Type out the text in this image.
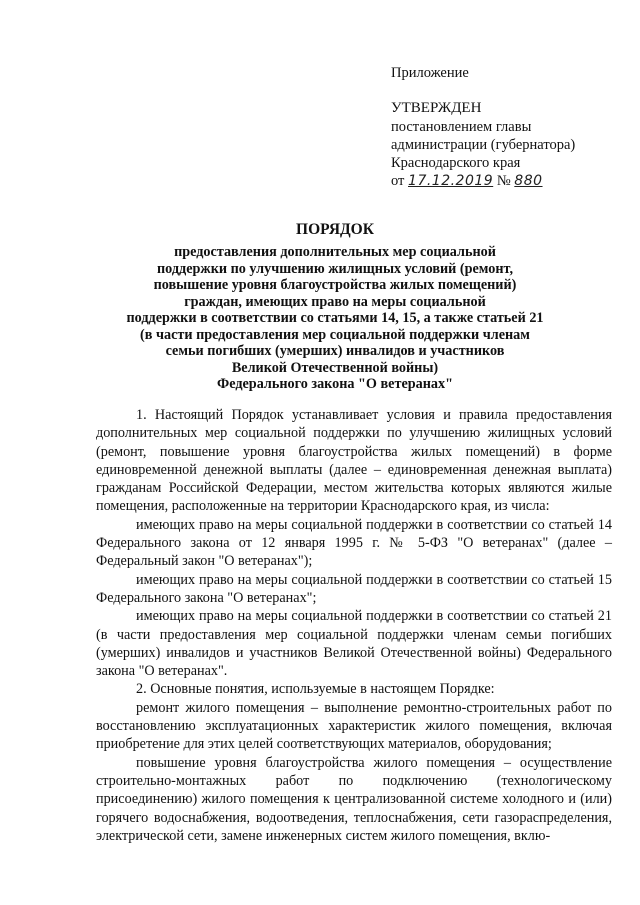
Приложение
УТВЕРЖДЕН
постановлением главы
администрации (губернатора)
Краснодарского края
от 17.12.2019 № 880
ПОРЯДОК
предоставления дополнительных мер социальной
поддержки по улучшению жилищных условий (ремонт,
повышение уровня благоустройства жилых помещений)
граждан, имеющих право на меры социальной
поддержки в соответствии со статьями 14, 15, а также статьей 21
(в части предоставления мер социальной поддержки членам
семьи погибших (умерших) инвалидов и участников
Великой Отечественной войны)
Федерального закона "О ветеранах"

1. Настоящий Порядок устанавливает условия и правила предоставления дополнительных мер социальной поддержки по улучшению жилищных условий (ремонт, повышение уровня благоустройства жилых помещений) в форме единовременной денежной выплаты (далее – единовременная денежная выплата) гражданам Российской Федерации, местом жительства которых являются жилые помещения, расположенные на территории Краснодарского края, из числа:

имеющих право на меры социальной поддержки в соответствии со статьей 14 Федерального закона от 12 января 1995 г. № 5-ФЗ "О ветеранах" (далее – Федеральный закон "О ветеранах");

имеющих право на меры социальной поддержки в соответствии со статьей 15 Федерального закона "О ветеранах";

имеющих право на меры социальной поддержки в соответствии со статьей 21 (в части предоставления мер социальной поддержки членам семьи погибших (умерших) инвалидов и участников Великой Отечественной войны) Федерального закона "О ветеранах".

2. Основные понятия, используемые в настоящем Порядке:

ремонт жилого помещения – выполнение ремонтно-строительных работ по восстановлению эксплуатационных характеристик жилого помещения, включая приобретение для этих целей соответствующих материалов, оборудования;

повышение уровня благоустройства жилого помещения – осуществление строительно-монтажных работ по подключению (технологическому присоединению) жилого помещения к централизованной системе холодного и (или) горячего водоснабжения, водоотведения, теплоснабжения, сети газораспределения, электрической сети, замене инженерных систем жилого помещения, вклю-
